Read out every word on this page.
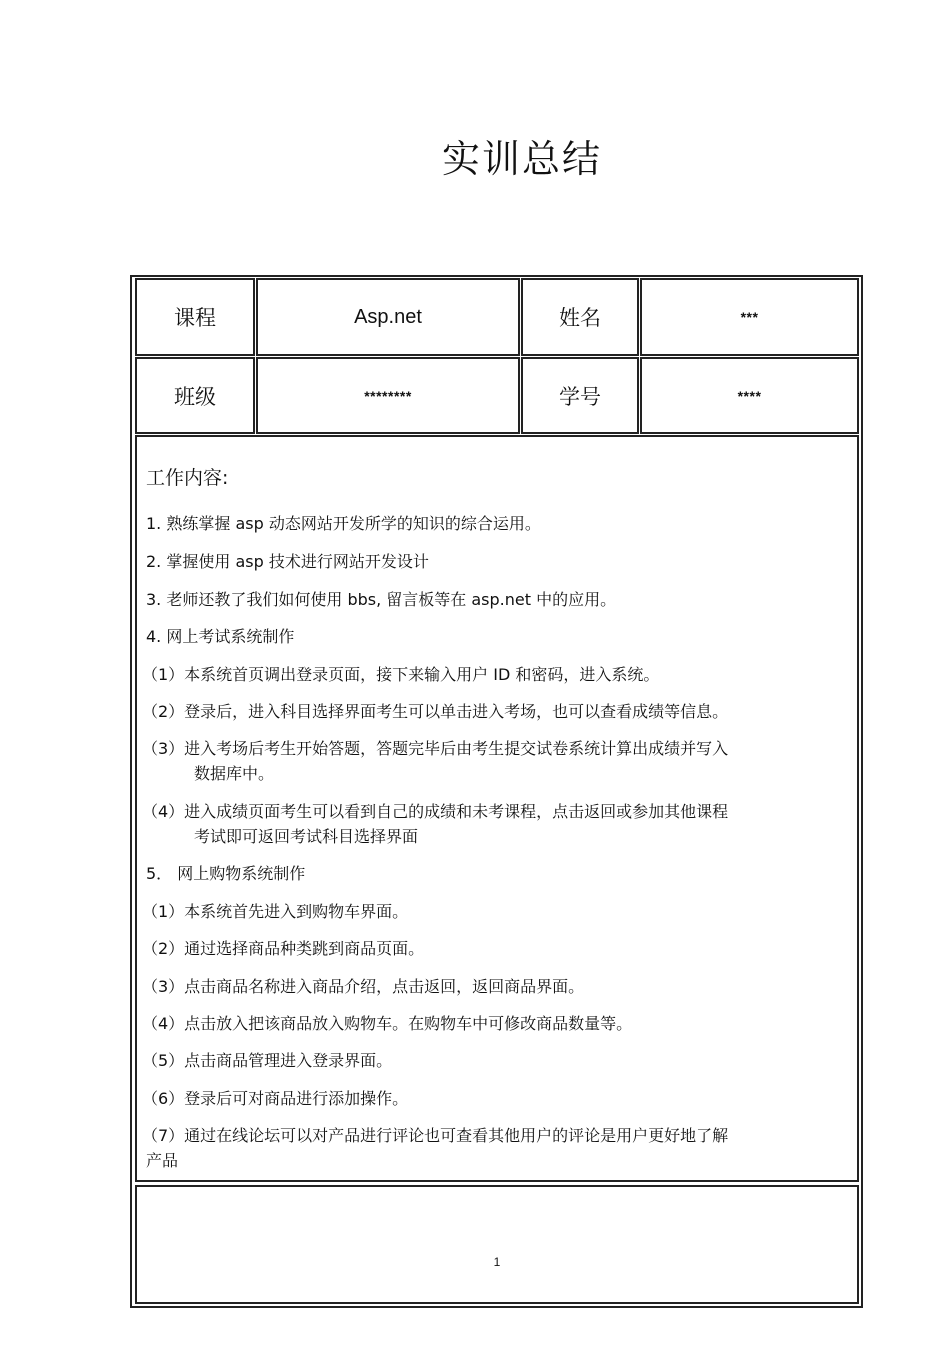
实训总结
课程	Asp.net	姓名	***
班级	********	学号	****
工作内容:
1. 熟练掌握 asp 动态网站开发所学的知识的综合运用。
2. 掌握使用 asp 技术进行网站开发设计
3. 老师还教了我们如何使用 bbs, 留言板等在 asp.net 中的应用。
4. 网上考试系统制作
（1）本系统首页调出登录页面，接下来输入用户 ID 和密码，进入系统。
（2）登录后，进入科目选择界面考生可以单击进入考场，也可以查看成绩等信息。
（3）进入考场后考生开始答题，答题完毕后由考生提交试卷系统计算出成绩并写入
数据库中。
（4）进入成绩页面考生可以看到自己的成绩和未考课程，点击返回或参加其他课程
考试即可返回考试科目选择界面
5． 网上购物系统制作
（1）本系统首先进入到购物车界面。
（2）通过选择商品种类跳到商品页面。
（3）点击商品名称进入商品介绍，点击返回，返回商品界面。
（4）点击放入把该商品放入购物车。在购物车中可修改商品数量等。
（5）点击商品管理进入登录界面。
（6）登录后可对商品进行添加操作。
（7）通过在线论坛可以对产品进行评论也可查看其他用户的评论是用户更好地了解
产品
1
